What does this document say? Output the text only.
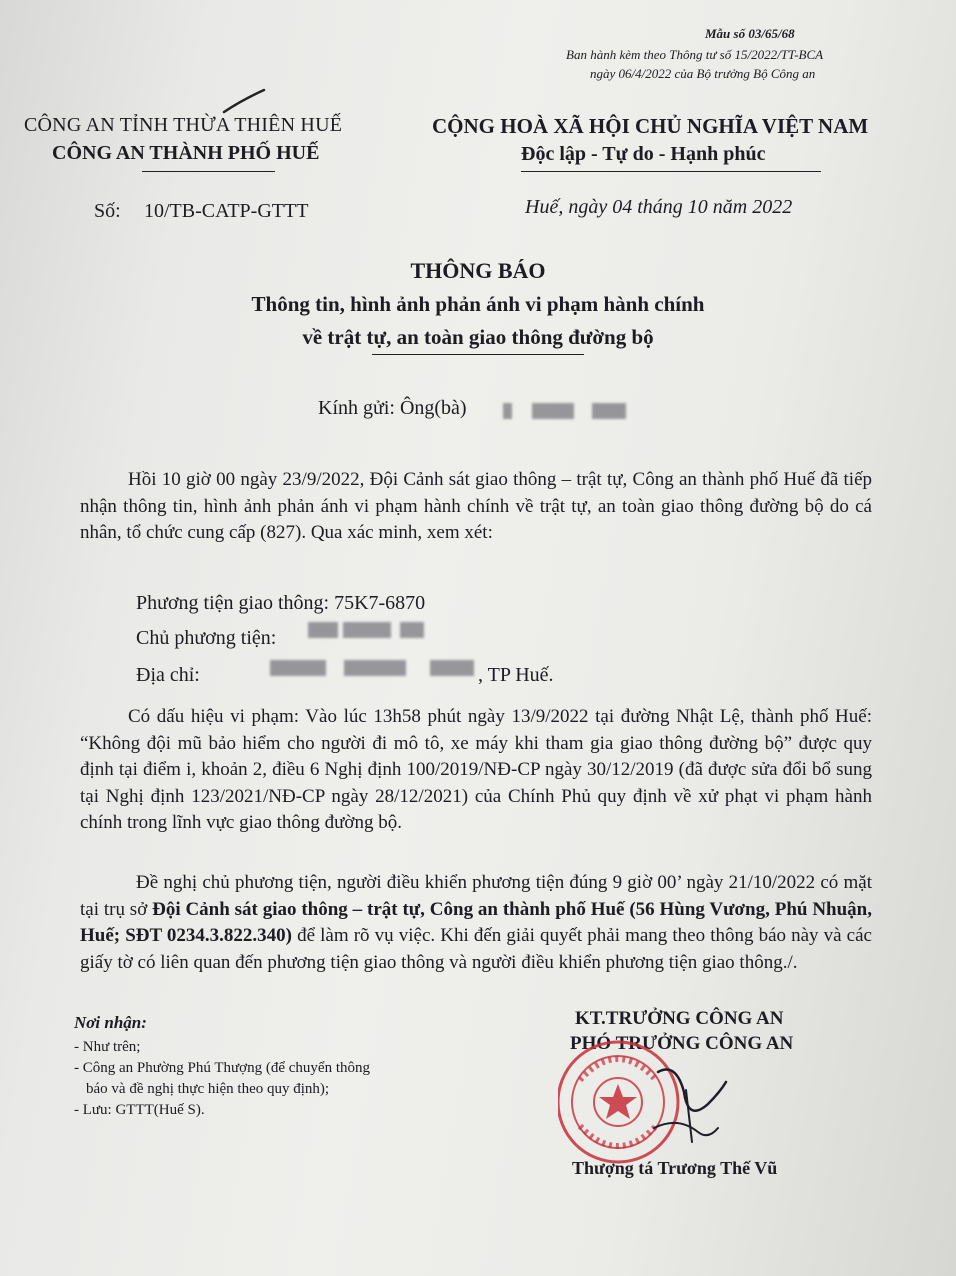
Mẫu số 03/65/68
Ban hành kèm theo Thông tư số 15/2022/TT-BCA
ngày 06/4/2022 của Bộ trưởng Bộ Công an
CÔNG AN TỈNH THỪA THIÊN HUẾ
CÔNG AN THÀNH PHỐ HUẾ
CỘNG HOÀ XÃ HỘI CHỦ NGHĨA VIỆT NAM
Độc lập - Tự do - Hạnh phúc
Số: 10/TB-CATP-GTTT	Huế, ngày 04 tháng 10 năm 2022
THÔNG BÁO
Thông tin, hình ảnh phản ánh vi phạm hành chính
về trật tự, an toàn giao thông đường bộ
Kính gửi: Ông(bà)
Hồi 10 giờ 00 ngày 23/9/2022, Đội Cảnh sát giao thông – trật tự, Công an thành phố Huế đã tiếp nhận thông tin, hình ảnh phản ánh vi phạm hành chính về trật tự, an toàn giao thông đường bộ do cá nhân, tổ chức cung cấp (827). Qua xác minh, xem xét:
Phương tiện giao thông: 75K7-6870
Chủ phương tiện:
Địa chỉ:	, TP Huế.
Có dấu hiệu vi phạm: Vào lúc 13h58 phút ngày 13/9/2022 tại đường Nhật Lệ, thành phố Huế: “Không đội mũ bảo hiểm cho người đi mô tô, xe máy khi tham gia giao thông đường bộ” được quy định tại điểm i, khoản 2, điều 6 Nghị định 100/2019/NĐ-CP ngày 30/12/2019 (đã được sửa đổi bổ sung tại Nghị định 123/2021/NĐ-CP ngày 28/12/2021) của Chính Phủ quy định về xử phạt vi phạm hành chính trong lĩnh vực giao thông đường bộ.
Đề nghị chủ phương tiện, người điều khiển phương tiện đúng 9 giờ 00’ ngày 21/10/2022 có mặt tại trụ sở Đội Cảnh sát giao thông – trật tự, Công an thành phố Huế (56 Hùng Vương, Phú Nhuận, Huế; SĐT 0234.3.822.340) để làm rõ vụ việc. Khi đến giải quyết phải mang theo thông báo này và các giấy tờ có liên quan đến phương tiện giao thông và người điều khiển phương tiện giao thông./.
Nơi nhận:
- Như trên;
- Công an Phường Phú Thượng (để chuyển thông
báo và đề nghị thực hiện theo quy định);
- Lưu: GTTT(Huế S).
KT.TRƯỞNG CÔNG AN
PHÓ TRƯỞNG CÔNG AN
Thượng tá Trương Thế Vũ
